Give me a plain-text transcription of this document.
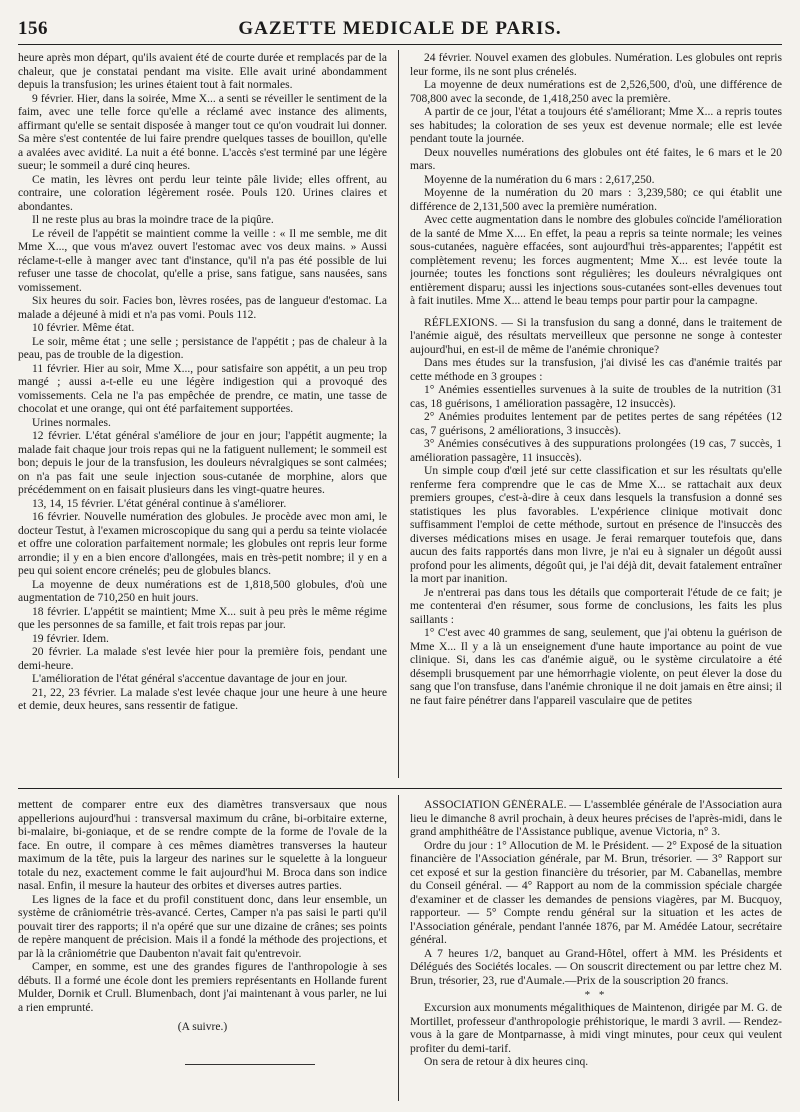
156	GAZETTE MEDICALE DE PARIS.

heure après mon départ, qu'ils avaient été de courte durée et remplacés par de la chaleur, que je constatai pendant ma visite. Elle avait uriné abondamment depuis la transfusion; les urines étaient tout à fait normales.

9 février. Hier, dans la soirée, Mme X... a senti se réveiller le sentiment de la faim, avec une telle force qu'elle a réclamé avec instance des aliments, affirmant qu'elle se sentait disposée à manger tout ce qu'on voudrait lui donner. Sa mère s'est contentée de lui faire prendre quelques tasses de bouillon, qu'elle a avalées avec avidité. La nuit a été bonne. L'accès s'est terminé par une légère sueur; le sommeil a duré cinq heures.

Ce matin, les lèvres ont perdu leur teinte pâle livide; elles offrent, au contraire, une coloration légèrement rosée. Pouls 120. Urines claires et abondantes.

Il ne reste plus au bras la moindre trace de la piqûre.

Le réveil de l'appétit se maintient comme la veille : « Il me semble, me dit Mme X..., que vous m'avez ouvert l'estomac avec vos deux mains. » Aussi réclame-t-elle à manger avec tant d'instance, qu'il n'a pas été possible de lui refuser une tasse de chocolat, qu'elle a prise, sans fatigue, sans nausées, sans vomissement.

Six heures du soir. Facies bon, lèvres rosées, pas de langueur d'estomac. La malade a déjeuné à midi et n'a pas vomi. Pouls 112.

10 février. Même état.

Le soir, même état ; une selle ; persistance de l'appétit ; pas de chaleur à la peau, pas de trouble de la digestion.

11 février. Hier au soir, Mme X..., pour satisfaire son appétit, a un peu trop mangé ; aussi a-t-elle eu une légère indigestion qui a provoqué des vomissements. Cela ne l'a pas empêchée de prendre, ce matin, une tasse de chocolat et une orange, qui ont été parfaitement supportées.

Urines normales.

12 février. L'état général s'améliore de jour en jour; l'appétit augmente; la malade fait chaque jour trois repas qui ne la fatiguent nullement; le sommeil est bon; depuis le jour de la transfusion, les douleurs névralgiques se sont calmées; on n'a pas fait une seule injection sous-cutanée de morphine, alors que précédemment on en faisait plusieurs dans les vingt-quatre heures.

13, 14, 15 février. L'état général continue à s'améliorer.

16 février. Nouvelle numération des globules. Je procède avec mon ami, le docteur Testut, à l'examen microscopique du sang qui a perdu sa teinte violacée et offre une coloration parfaitement normale; les globules ont repris leur forme arrondie; il y en a bien encore d'allongées, mais en très-petit nombre; il y en a peu qui soient encore crénelés; peu de globules blancs.

La moyenne de deux numérations est de 1,818,500 globules, d'où une augmentation de 710,250 en huit jours.

18 février. L'appétit se maintient; Mme X... suit à peu près le même régime que les personnes de sa famille, et fait trois repas par jour.

19 février. Idem.

20 février. La malade s'est levée hier pour la première fois, pendant une demi-heure.

L'amélioration de l'état général s'accentue davantage de jour en jour.

21, 22, 23 février. La malade s'est levée chaque jour une heure à une heure et demie, deux heures, sans ressentir de fatigue.

24 février. Nouvel examen des globules. Numération. Les globules ont repris leur forme, ils ne sont plus crénelés.

La moyenne de deux numérations est de 2,526,500, d'où, une différence de 708,800 avec la seconde, de 1,418,250 avec la première.

A partir de ce jour, l'état a toujours été s'améliorant; Mme X... a repris toutes ses habitudes; la coloration de ses yeux est devenue normale; elle est levée pendant toute la journée.

Deux nouvelles numérations des globules ont été faites, le 6 mars et le 20 mars.

Moyenne de la numération du 6 mars : 2,617,250.

Moyenne de la numération du 20 mars : 3,239,580; ce qui établit une différence de 2,131,500 avec la première numération.

Avec cette augmentation dans le nombre des globules coïncide l'amélioration de la santé de Mme X.... En effet, la peau a repris sa teinte normale; les veines sous-cutanées, naguère effacées, sont aujourd'hui très-apparentes; l'appétit est complètement revenu; les forces augmentent; Mme X... est levée toute la journée; toutes les fonctions sont régulières; les douleurs névralgiques ont entièrement disparu; aussi les injections sous-cutanées sont-elles devenues tout à fait inutiles. Mme X... attend le beau temps pour partir pour la campagne.

RÉFLEXIONS. — Si la transfusion du sang a donné, dans le traitement de l'anémie aiguë, des résultats merveilleux que personne ne songe à contester aujourd'hui, en est-il de même de l'anémie chronique?

Dans mes études sur la transfusion, j'ai divisé les cas d'anémie traités par cette méthode en 3 groupes :

1° Anémies essentielles survenues à la suite de troubles de la nutrition (31 cas, 18 guérisons, 1 amélioration passagère, 12 insuccès).

2° Anémies produites lentement par de petites pertes de sang répétées (12 cas, 7 guérisons, 2 améliorations, 3 insuccès).

3° Anémies consécutives à des suppurations prolongées (19 cas, 7 succès, 1 amélioration passagère, 11 insuccès).

Un simple coup d'œil jeté sur cette classification et sur les résultats qu'elle renferme fera comprendre que le cas de Mme X... se rattachait aux deux premiers groupes, c'est-à-dire à ceux dans lesquels la transfusion a donné ses statistiques les plus favorables. L'expérience clinique motivait donc suffisamment l'emploi de cette méthode, surtout en présence de l'insuccès des diverses médications mises en usage. Je ferai remarquer toutefois que, dans aucun des faits rapportés dans mon livre, je n'ai eu à signaler un dégoût aussi profond pour les aliments, dégoût qui, je l'ai déjà dit, devait fatalement entraîner la mort par inanition.

Je n'entrerai pas dans tous les détails que comporterait l'étude de ce fait; je me contenterai d'en résumer, sous forme de conclusions, les faits les plus saillants :

1° C'est avec 40 grammes de sang, seulement, que j'ai obtenu la guérison de Mme X... Il y a là un enseignement d'une haute importance au point de vue clinique. Si, dans les cas d'anémie aiguë, ou le système circulatoire a été désempli brusquement par une hémorrhagie violente, on peut élever la dose du sang que l'on transfuse, dans l'anémie chronique il ne doit jamais en être ainsi; il ne faut faire pénétrer dans l'appareil vasculaire que de petites

mettent de comparer entre eux des diamètres transversaux que nous appellerions aujourd'hui : transversal maximum du crâne, bi-orbitaire externe, bi-malaire, bi-goniaque, et de se rendre compte de la forme de l'ovale de la face. En outre, il compare à ces mêmes diamètres transverses la hauteur maximum de la tête, puis la largeur des narines sur le squelette à la longueur totale du nez, exactement comme le fait aujourd'hui M. Broca dans son indice nasal. Enfin, il mesure la hauteur des orbites et diverses autres parties.

Les lignes de la face et du profil constituent donc, dans leur ensemble, un système de crâniométrie très-avancé. Certes, Camper n'a pas saisi le parti qu'il pouvait tirer des rapports; il n'a opéré que sur une dizaine de crânes; ses points de repère manquent de précision. Mais il a fondé la méthode des projections, et par là la crâniométrie que Daubenton n'avait fait qu'entrevoir.

Camper, en somme, est une des grandes figures de l'anthropologie à ses débuts. Il a formé une école dont les premiers représentants en Hollande furent Mulder, Dornik et Crull. Blumenbach, dont j'ai maintenant à vous parler, ne lui a rien emprunté.

(A suivre.)

ASSOCIATION GÉNÉRALE. — L'assemblée générale de l'Association aura lieu le dimanche 8 avril prochain, à deux heures précises de l'après-midi, dans le grand amphithéâtre de l'Assistance publique, avenue Victoria, n° 3.

Ordre du jour : 1° Allocution de M. le Président. — 2° Exposé de la situation financière de l'Association générale, par M. Brun, trésorier. — 3° Rapport sur cet exposé et sur la gestion financière du trésorier, par M. Cabanellas, membre du Conseil général. — 4° Rapport au nom de la commission spéciale chargée d'examiner et de classer les demandes de pensions viagères, par M. Bucquoy, rapporteur. — 5° Compte rendu général sur la situation et les actes de l'Association générale, pendant l'année 1876, par M. Amédée Latour, secrétaire général.

A 7 heures 1/2, banquet au Grand-Hôtel, offert à MM. les Présidents et Délégués des Sociétés locales. — On souscrit directement ou par lettre chez M. Brun, trésorier, 23, rue d'Aumale.—Prix de la souscription 20 francs.

* *

Excursion aux monuments mégalithiques de Maintenon, dirigée par M. G. de Mortillet, professeur d'anthropologie préhistorique, le mardi 3 avril. — Rendez-vous à la gare de Montparnasse, à midi vingt minutes, pour ceux qui veulent profiter du demi-tarif.

On sera de retour à dix heures cinq.
